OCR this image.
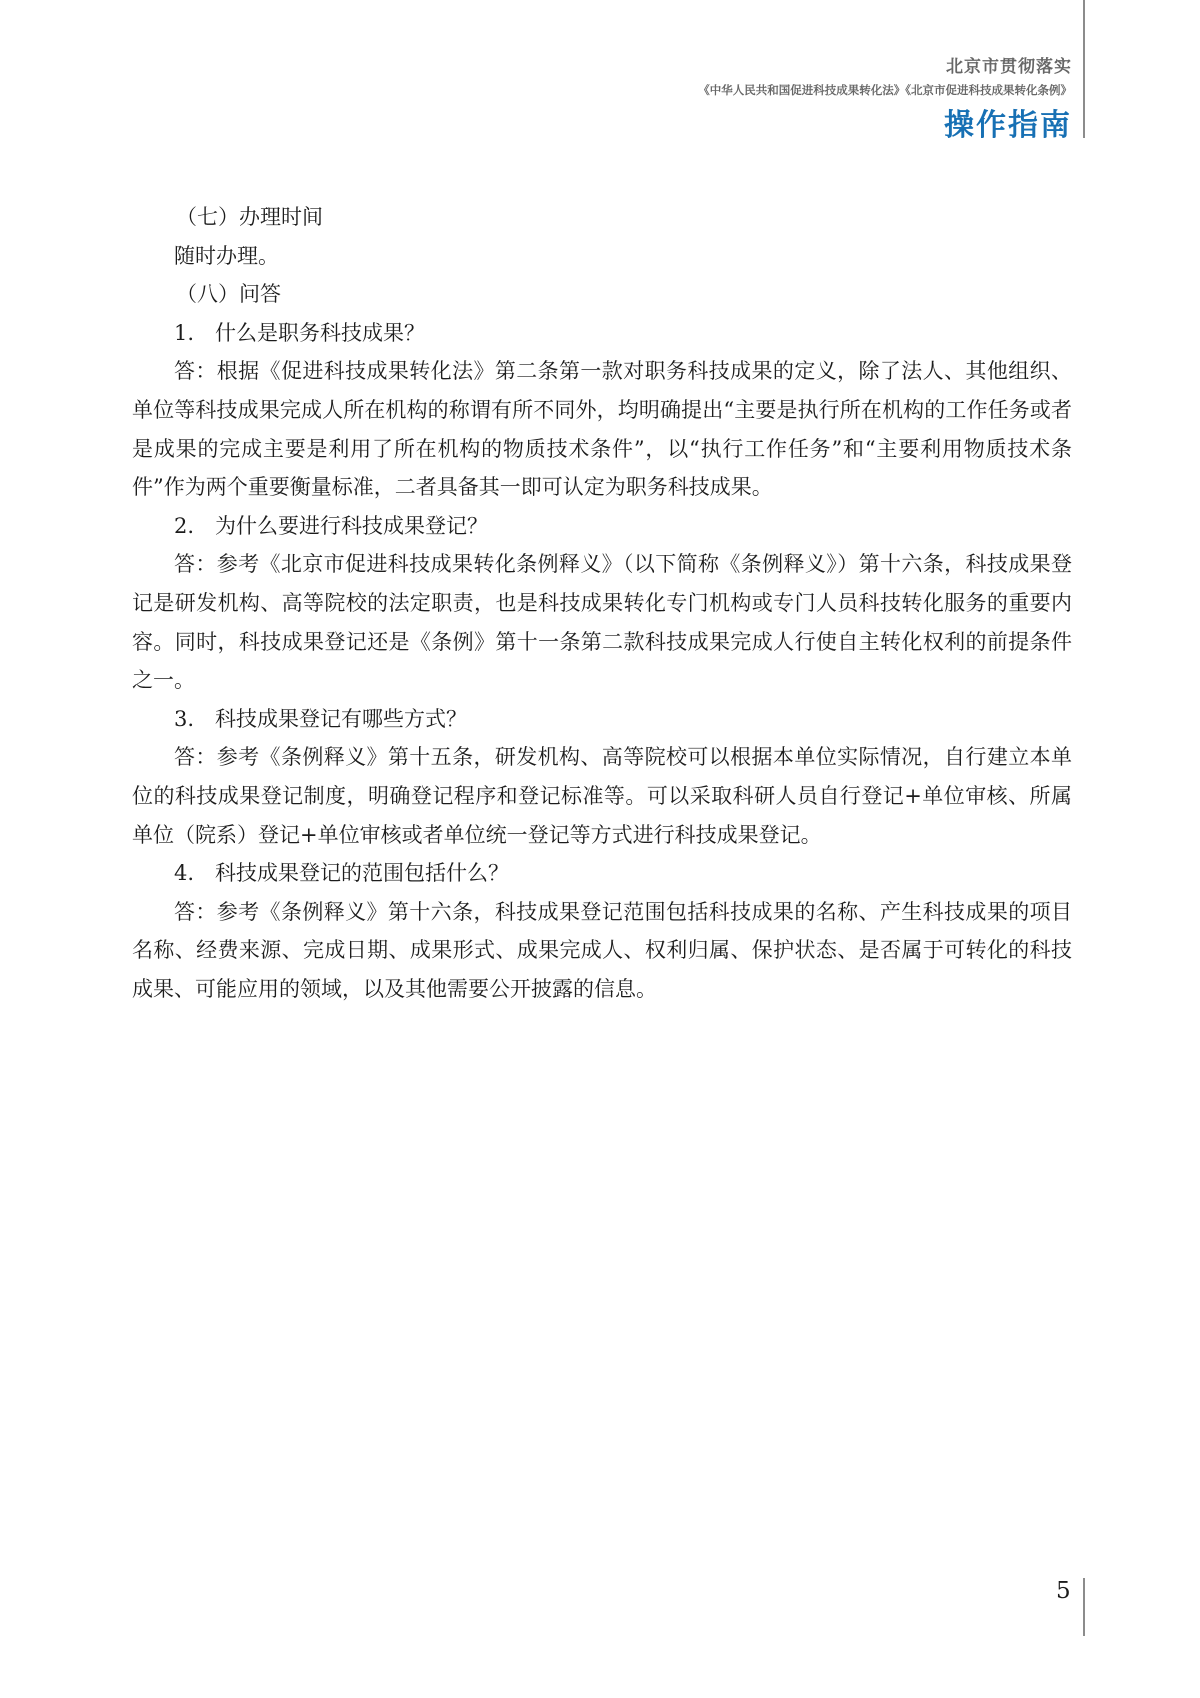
北京市贯彻落实
《中华人民共和国促进科技成果转化法》《北京市促进科技成果转化条例》
操作指南

（七）办理时间

随时办理。

（八）问答

1.　什么是职务科技成果？

答：根据《促进科技成果转化法》第二条第一款对职务科技成果的定义，除了法人、其他组织、单位等科技成果完成人所在机构的称谓有所不同外，均明确提出“主要是执行所在机构的工作任务或者是成果的完成主要是利用了所在机构的物质技术条件”，以“执行工作任务”和“主要利用物质技术条件”作为两个重要衡量标准，二者具备其一即可认定为职务科技成果。

2.　为什么要进行科技成果登记？

答：参考《北京市促进科技成果转化条例释义》（以下简称《条例释义》）第十六条，科技成果登记是研发机构、高等院校的法定职责，也是科技成果转化专门机构或专门人员科技转化服务的重要内容。同时，科技成果登记还是《条例》第十一条第二款科技成果完成人行使自主转化权利的前提条件之一。

3.　科技成果登记有哪些方式？

答：参考《条例释义》第十五条，研发机构、高等院校可以根据本单位实际情况，自行建立本单位的科技成果登记制度，明确登记程序和登记标准等。可以采取科研人员自行登记+单位审核、所属单位（院系）登记+单位审核或者单位统一登记等方式进行科技成果登记。

4.　科技成果登记的范围包括什么？

答：参考《条例释义》第十六条，科技成果登记范围包括科技成果的名称、产生科技成果的项目名称、经费来源、完成日期、成果形式、成果完成人、权利归属、保护状态、是否属于可转化的科技成果、可能应用的领域，以及其他需要公开披露的信息。

5
